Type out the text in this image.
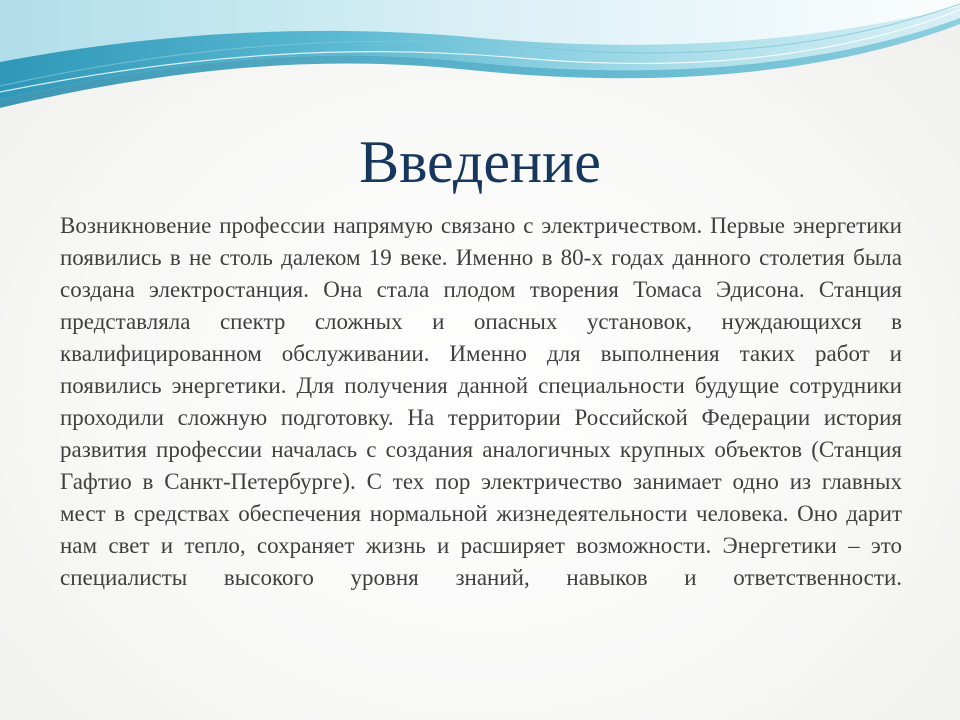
Введение

Возникновение профессии напрямую связано с электричеством. Первые энергетики появились в не столь далеком 19 веке. Именно в 80-х годах данного столетия была создана электростанция. Она стала плодом творения Томаса Эдисона. Станция представляла спектр сложных и опасных установок, нуждающихся в квалифицированном обслуживании. Именно для выполнения таких работ и появились энергетики. Для получения данной специальности будущие сотрудники проходили сложную подготовку. На территории Российской Федерации история развития профессии началась с создания аналогичных крупных объектов (Станция Гафтио в Санкт-Петербурге). С тех пор электричество занимает одно из главных мест в средствах обеспечения нормальной жизнедеятельности человека. Оно дарит нам свет и тепло, сохраняет жизнь и расширяет возможности. Энергетики – это специалисты высокого уровня знаний, навыков и ответственности.
